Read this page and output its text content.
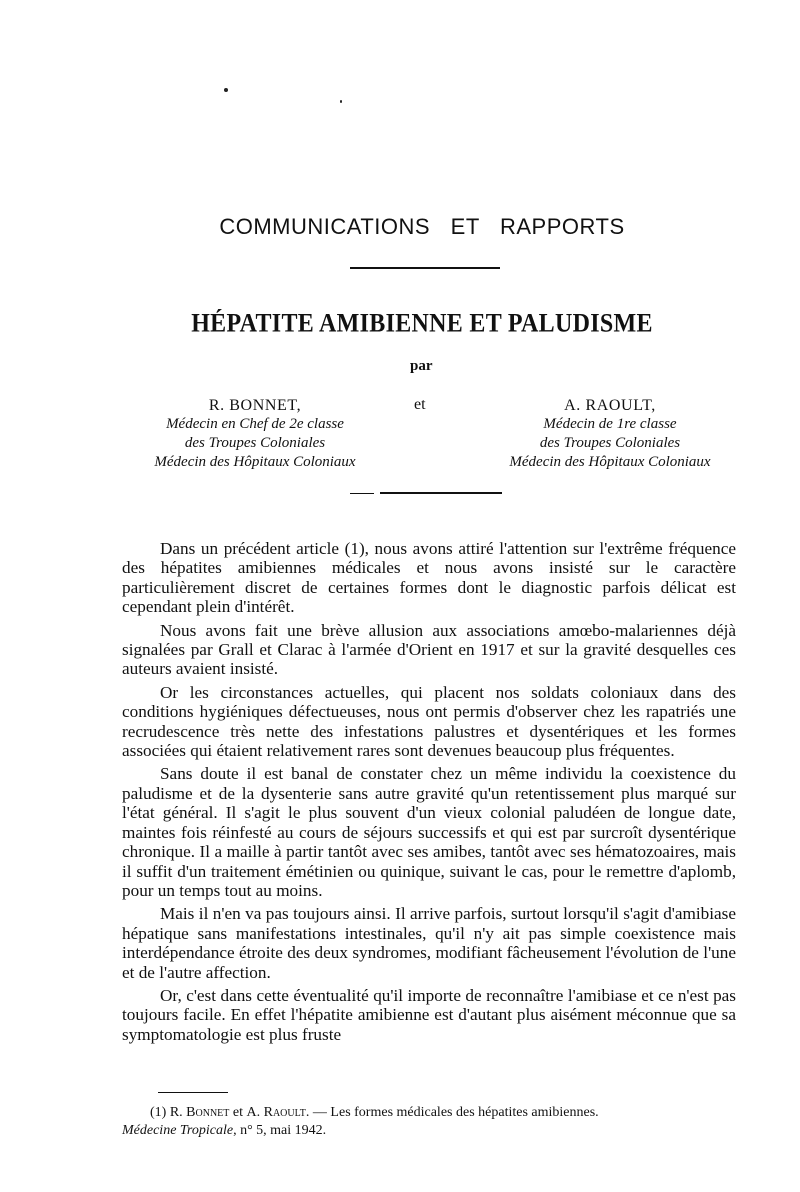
COMMUNICATIONS ET RAPPORTS
HÉPATITE AMIBIENNE ET PALUDISME
par
R. BONNET,
Médecin en Chef de 2e classe
des Troupes Coloniales
Médecin des Hôpitaux Coloniaux
et	A. RAOULT,
Médecin de 1re classe
des Troupes Coloniales
Médecin des Hôpitaux Coloniaux

Dans un précédent article (1), nous avons attiré l'attention sur l'extrême fréquence des hépatites amibiennes médicales et nous avons insisté sur le caractère particulièrement discret de certaines formes dont le diagnostic parfois délicat est cependant plein d'intérêt.

Nous avons fait une brève allusion aux associations amœbo-malariennes déjà signalées par Grall et Clarac à l'armée d'Orient en 1917 et sur la gravité desquelles ces auteurs avaient insisté.

Or les circonstances actuelles, qui placent nos soldats coloniaux dans des conditions hygiéniques défectueuses, nous ont permis d'observer chez les rapatriés une recrudescence très nette des infestations palustres et dysentériques et les formes associées qui étaient relativement rares sont devenues beaucoup plus fréquentes.

Sans doute il est banal de constater chez un même individu la coexistence du paludisme et de la dysenterie sans autre gravité qu'un retentissement plus marqué sur l'état général. Il s'agit le plus souvent d'un vieux colonial paludéen de longue date, maintes fois réinfesté au cours de séjours successifs et qui est par surcroît dysentérique chronique. Il a maille à partir tantôt avec ses amibes, tantôt avec ses hématozoaires, mais il suffit d'un traitement émétinien ou quinique, suivant le cas, pour le remettre d'aplomb, pour un temps tout au moins.

Mais il n'en va pas toujours ainsi. Il arrive parfois, surtout lorsqu'il s'agit d'amibiase hépatique sans manifestations intestinales, qu'il n'y ait pas simple coexistence mais interdépendance étroite des deux syndromes, modifiant fâcheusement l'évolution de l'une et de l'autre affection.

Or, c'est dans cette éventualité qu'il importe de reconnaître l'amibiase et ce n'est pas toujours facile. En effet l'hépatite amibienne est d'autant plus aisément méconnue que sa symptomatologie est plus fruste

(1) R. Bonnet et A. Raoult. — Les formes médicales des hépatites amibiennes.
Médecine Tropicale, n° 5, mai 1942.
